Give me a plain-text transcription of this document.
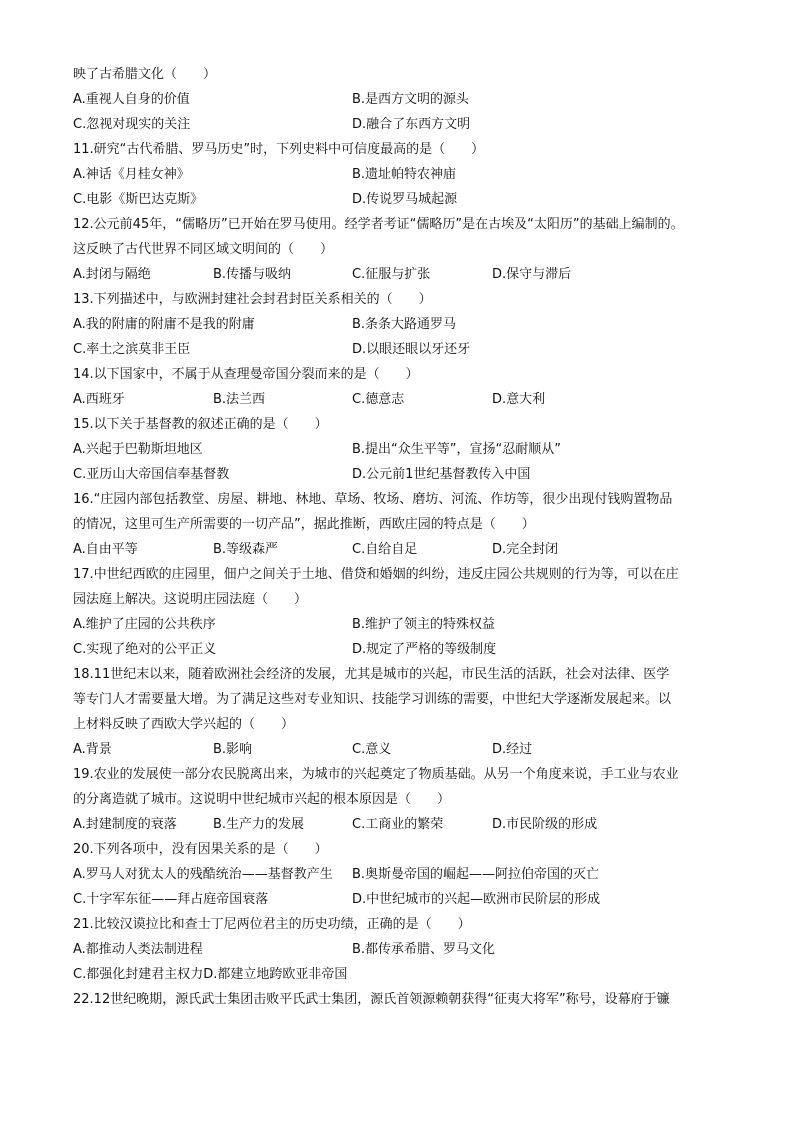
映了古希腊文化（　　）
A.重视人自身的价值	B.是西方文明的源头
C.忽视对现实的关注	D.融合了东西方文明
11.研究“古代希腊、罗马历史”时，下列史料中可信度最高的是（　　）
A.神话《月桂女神》	B.遗址帕特农神庙
C.电影《斯巴达克斯》	D.传说罗马城起源
12.公元前45年，“儒略历”已开始在罗马使用。经学者考证“儒略历”是在古埃及“太阳历”的基础上编制的。
这反映了古代世界不同区域文明间的（　　）
A.封闭与隔绝	B.传播与吸纳	C.征服与扩张	D.保守与滞后
13.下列描述中，与欧洲封建社会封君封臣关系相关的（　　）
A.我的附庸的附庸不是我的附庸	B.条条大路通罗马
C.率土之滨莫非王臣	D.以眼还眼以牙还牙
14.以下国家中，不属于从查理曼帝国分裂而来的是（　　）
A.西班牙	B.法兰西	C.德意志	D.意大利
15.以下关于基督教的叙述正确的是（　　）
A.兴起于巴勒斯坦地区	B.提出“众生平等”，宣扬“忍耐顺从”
C.亚历山大帝国信奉基督教	D.公元前1世纪基督教传入中国
16.“庄园内部包括教堂、房屋、耕地、林地、草场、牧场、磨坊、河流、作坊等，很少出现付钱购置物品
的情况，这里可生产所需要的一切产品”，据此推断，西欧庄园的特点是（　　）
A.自由平等	B.等级森严	C.自给自足	D.完全封闭
17.中世纪西欧的庄园里，佃户之间关于土地、借贷和婚姻的纠纷，违反庄园公共规则的行为等，可以在庄
园法庭上解决。这说明庄园法庭（　　）
A.维护了庄园的公共秩序	B.维护了领主的特殊权益
C.实现了绝对的公平正义	D.规定了严格的等级制度
18.11世纪末以来，随着欧洲社会经济的发展，尤其是城市的兴起，市民生活的活跃，社会对法律、医学
等专门人才需要量大增。为了满足这些对专业知识、技能学习训练的需要，中世纪大学逐渐发展起来。以
上材料反映了西欧大学兴起的（　　）
A.背景	B.影响	C.意义	D.经过
19.农业的发展使一部分农民脱离出来，为城市的兴起奠定了物质基础。从另一个角度来说，手工业与农业
的分离造就了城市。这说明中世纪城市兴起的根本原因是（　　）
A.封建制度的衰落	B.生产力的发展	C.工商业的繁荣	D.市民阶级的形成
20.下列各项中，没有因果关系的是（　　）
A.罗马人对犹太人的残酷统治——基督教产生 B.奥斯曼帝国的崛起——阿拉伯帝国的灭亡
C.十字军东征——拜占庭帝国衰落	D.中世纪城市的兴起—欧洲市民阶层的形成
21.比较汉谟拉比和查士丁尼两位君主的历史功绩，正确的是（　　）
A.都推动人类法制进程	B.都传承希腊、罗马文化
C.都强化封建君主权力D.都建立地跨欧亚非帝国
22.12世纪晚期，源氏武士集团击败平氏武士集团，源氏首领源赖朝获得“征夷大将军”称号，设幕府于镰
